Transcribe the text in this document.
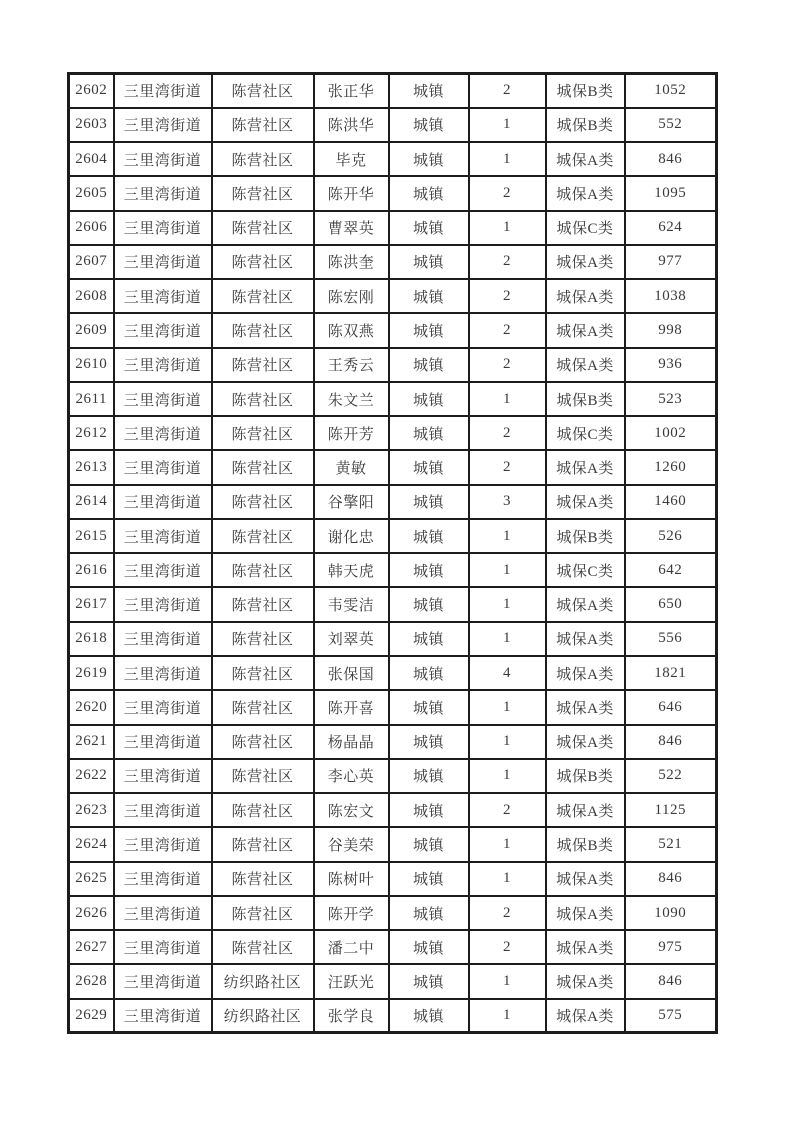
2602	三里湾街道	陈营社区	张正华	城镇	2	城保B类	1052
2603	三里湾街道	陈营社区	陈洪华	城镇	1	城保B类	552
2604	三里湾街道	陈营社区	毕克	城镇	1	城保A类	846
2605	三里湾街道	陈营社区	陈开华	城镇	2	城保A类	1095
2606	三里湾街道	陈营社区	曹翠英	城镇	1	城保C类	624
2607	三里湾街道	陈营社区	陈洪奎	城镇	2	城保A类	977
2608	三里湾街道	陈营社区	陈宏刚	城镇	2	城保A类	1038
2609	三里湾街道	陈营社区	陈双燕	城镇	2	城保A类	998
2610	三里湾街道	陈营社区	王秀云	城镇	2	城保A类	936
2611	三里湾街道	陈营社区	朱文兰	城镇	1	城保B类	523
2612	三里湾街道	陈营社区	陈开芳	城镇	2	城保C类	1002
2613	三里湾街道	陈营社区	黄敏	城镇	2	城保A类	1260
2614	三里湾街道	陈营社区	谷擎阳	城镇	3	城保A类	1460
2615	三里湾街道	陈营社区	谢化忠	城镇	1	城保B类	526
2616	三里湾街道	陈营社区	韩天虎	城镇	1	城保C类	642
2617	三里湾街道	陈营社区	韦雯洁	城镇	1	城保A类	650
2618	三里湾街道	陈营社区	刘翠英	城镇	1	城保A类	556
2619	三里湾街道	陈营社区	张保国	城镇	4	城保A类	1821
2620	三里湾街道	陈营社区	陈开喜	城镇	1	城保A类	646
2621	三里湾街道	陈营社区	杨晶晶	城镇	1	城保A类	846
2622	三里湾街道	陈营社区	李心英	城镇	1	城保B类	522
2623	三里湾街道	陈营社区	陈宏文	城镇	2	城保A类	1125
2624	三里湾街道	陈营社区	谷美荣	城镇	1	城保B类	521
2625	三里湾街道	陈营社区	陈树叶	城镇	1	城保A类	846
2626	三里湾街道	陈营社区	陈开学	城镇	2	城保A类	1090
2627	三里湾街道	陈营社区	潘二中	城镇	2	城保A类	975
2628	三里湾街道	纺织路社区	汪跃光	城镇	1	城保A类	846
2629	三里湾街道	纺织路社区	张学良	城镇	1	城保A类	575
